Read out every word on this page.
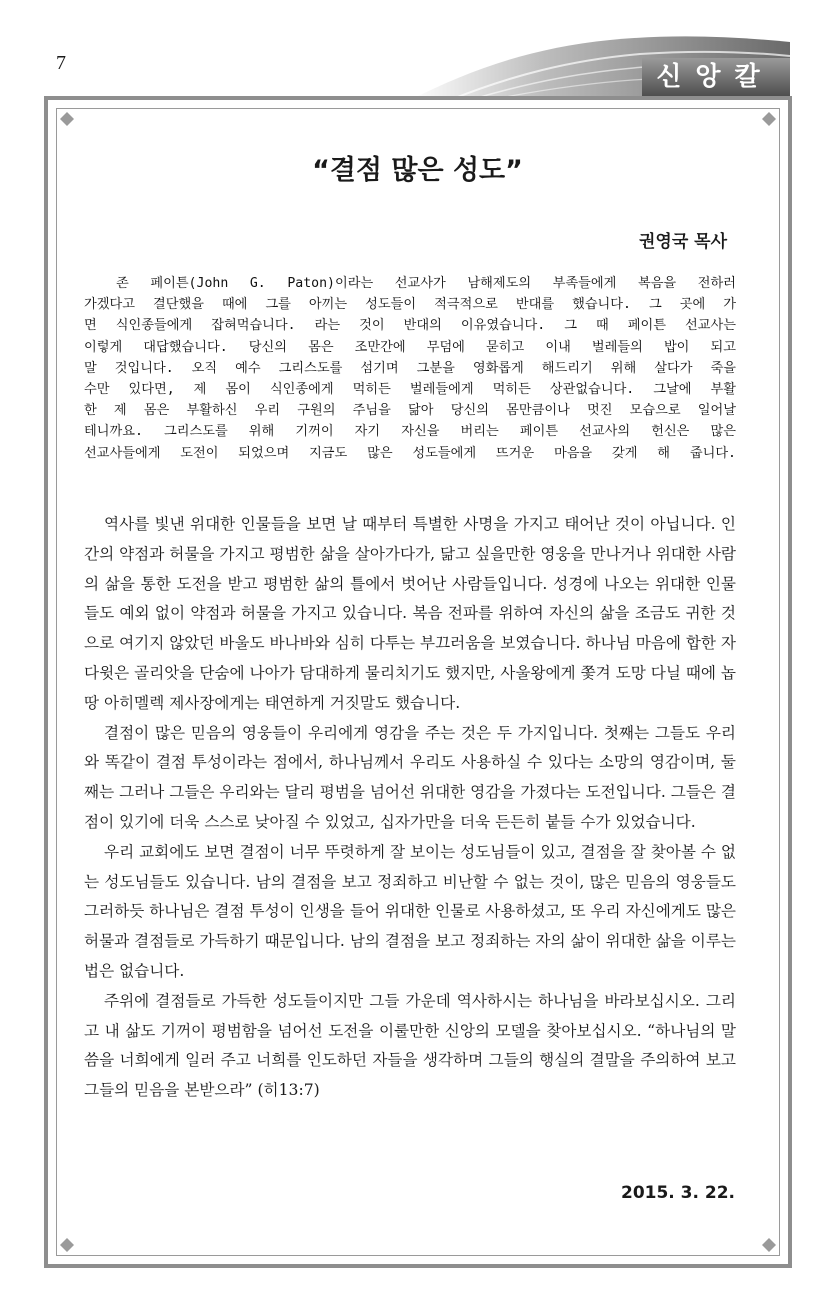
7	신앙칼럼
“결점 많은 성도”
권영국 목사
존 페이튼(John G. Paton)이라는 선교사가 남해제도의 부족들에게 복음을 전하러
가겠다고 결단했을 때에 그를 아끼는 성도들이 적극적으로 반대를 했습니다. 그 곳에 가
면 식인종들에게 잡혀먹습니다. 라는 것이 반대의 이유였습니다. 그 때 페이튼 선교사는
이렇게 대답했습니다. 당신의 몸은 조만간에 무덤에 묻히고 이내 벌레들의 밥이 되고
말 것입니다. 오직 예수 그리스도를 섬기며 그분을 영화롭게 해드리기 위해 살다가 죽을
수만 있다면, 제 몸이 식인종에게 먹히든 벌레들에게 먹히든 상관없습니다. 그날에 부활
한 제 몸은 부활하신 우리 구원의 주님을 닮아 당신의 몸만큼이나 멋진 모습으로 일어날
테니까요. 그리스도를 위해 기꺼이 자기 자신을 버리는 페이튼 선교사의 헌신은 많은
선교사들에게 도전이 되었으며 지금도 많은 성도들에게 뜨거운 마음을 갖게 해 줍니다.

역사를 빛낸 위대한 인물들을 보면 날 때부터 특별한 사명을 가지고 태어난 것이 아닙니다. 인간의 약점과 허물을 가지고 평범한 삶을 살아가다가, 닮고 싶을만한 영웅을 만나거나 위대한 사람의 삶을 통한 도전을 받고 평범한 삶의 틀에서 벗어난 사람들입니다. 성경에 나오는 위대한 인물들도 예외 없이 약점과 허물을 가지고 있습니다. 복음 전파를 위하여 자신의 삶을 조금도 귀한 것으로 여기지 않았던 바울도 바나바와 심히 다투는 부끄러움을 보였습니다. 하나님 마음에 합한 자 다윗은 골리앗을 단숨에 나아가 담대하게 물리치기도 했지만, 사울왕에게 쫓겨 도망 다닐 때에 놉 땅 아히멜렉 제사장에게는 태연하게 거짓말도 했습니다.

결점이 많은 믿음의 영웅들이 우리에게 영감을 주는 것은 두 가지입니다. 첫째는 그들도 우리와 똑같이 결점 투성이라는 점에서, 하나님께서 우리도 사용하실 수 있다는 소망의 영감이며, 둘째는 그러나 그들은 우리와는 달리 평범을 넘어선 위대한 영감을 가졌다는 도전입니다. 그들은 결점이 있기에 더욱 스스로 낮아질 수 있었고, 십자가만을 더욱 든든히 붙들 수가 있었습니다.

우리 교회에도 보면 결점이 너무 뚜렷하게 잘 보이는 성도님들이 있고, 결점을 잘 찾아볼 수 없는 성도님들도 있습니다. 남의 결점을 보고 정죄하고 비난할 수 없는 것이, 많은 믿음의 영웅들도 그러하듯 하나님은 결점 투성이 인생을 들어 위대한 인물로 사용하셨고, 또 우리 자신에게도 많은 허물과 결점들로 가득하기 때문입니다. 남의 결점을 보고 정죄하는 자의 삶이 위대한 삶을 이루는 법은 없습니다.

주위에 결점들로 가득한 성도들이지만 그들 가운데 역사하시는 하나님을 바라보십시오. 그리고 내 삶도 기꺼이 평범함을 넘어선 도전을 이룰만한 신앙의 모델을 찾아보십시오. “하나님의 말씀을 너희에게 일러 주고 너희를 인도하던 자들을 생각하며 그들의 행실의 결말을 주의하여 보고 그들의 믿음을 본받으라” (히13:7)

2015. 3. 22.
